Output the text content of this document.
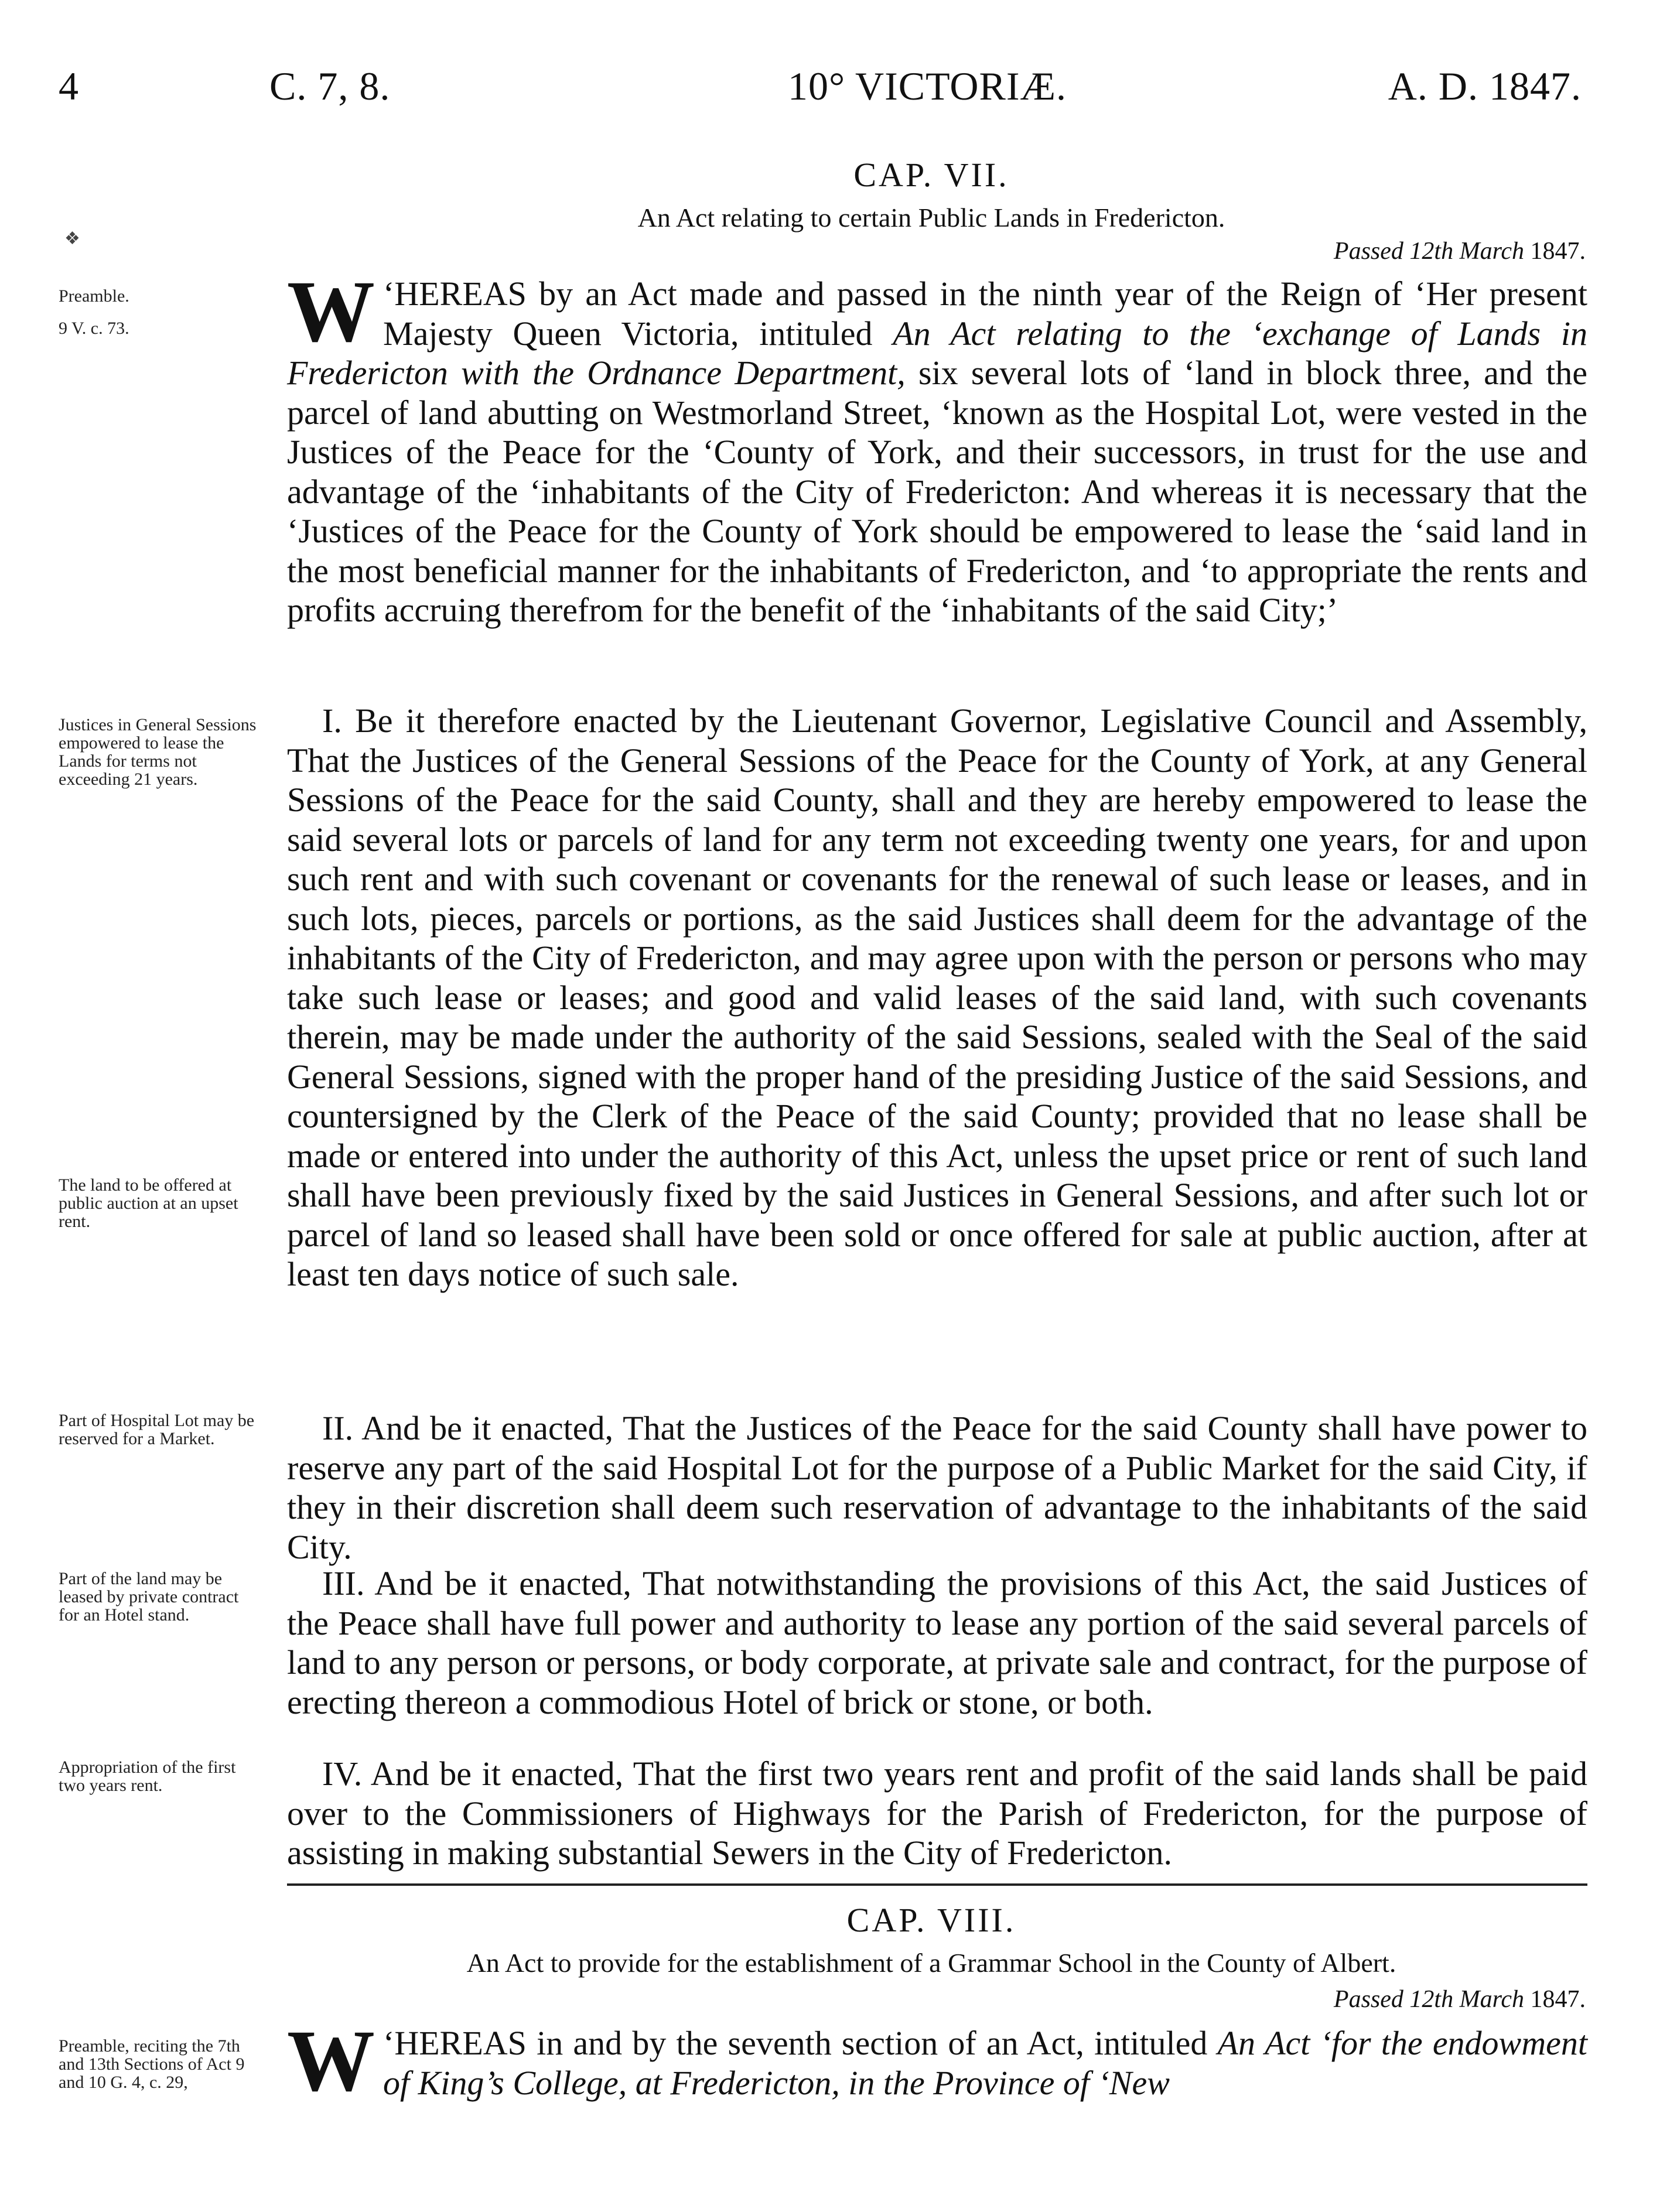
4	C. 7, 8.	10° VICTORIÆ.	A. D. 1847.
❖
CAP. VII.
An Act relating to certain Public Lands in Fredericton.
Passed 12th March 1847.

‘
W HEREAS by an Act made and passed in the ninth year of the Reign of ‘Her present Majesty Queen Victoria, intituled An Act relating to the ‘exchange of Lands in Fredericton with the Ordnance Department, six several lots of ‘land in block three, and the parcel of land abutting on Westmorland Street, ‘known as the Hospital Lot, were vested in the Justices of the Peace for the ‘County of York, and their successors, in trust for the use and advantage of the ‘inhabitants of the City of Fredericton: And whereas it is necessary that the ‘Justices of the Peace for the County of York should be empowered to lease the ‘said land in the most beneficial manner for the inhabitants of Fredericton, and ‘to appropriate the rents and profits accruing therefrom for the benefit of the ‘inhabitants of the said City;’

I. Be it therefore enacted by the Lieutenant Governor, Legislative Council and Assembly, That the Justices of the General Sessions of the Peace for the County of York, at any General Sessions of the Peace for the said County, shall and they are hereby empowered to lease the said several lots or parcels of land for any term not exceeding twenty one years, for and upon such rent and with such covenant or covenants for the renewal of such lease or leases, and in such lots, pieces, parcels or portions, as the said Justices shall deem for the advantage of the inhabitants of the City of Fredericton, and may agree upon with the person or persons who may take such lease or leases; and good and valid leases of the said land, with such covenants therein, may be made under the authority of the said Sessions, sealed with the Seal of the said General Sessions, signed with the proper hand of the presiding Justice of the said Sessions, and countersigned by the Clerk of the Peace of the said County; provided that no lease shall be made or entered into under the authority of this Act, unless the upset price or rent of such land shall have been previously fixed by the said Justices in General Sessions, and after such lot or parcel of land so leased shall have been sold or once offered for sale at public auction, after at least ten days notice of such sale.

II. And be it enacted, That the Justices of the Peace for the said County shall have power to reserve any part of the said Hospital Lot for the purpose of a Public Market for the said City, if they in their discretion shall deem such reservation of advantage to the inhabitants of the said City.

III. And be it enacted, That notwithstanding the provisions of this Act, the said Justices of the Peace shall have full power and authority to lease any portion of the said several parcels of land to any person or persons, or body corporate, at private sale and contract, for the purpose of erecting thereon a commodious Hotel of brick or stone, or both.

IV. And be it enacted, That the first two years rent and profit of the said lands shall be paid over to the Commissioners of Highways for the Parish of Fredericton, for the purpose of assisting in making substantial Sewers in the City of Fredericton.

Preamble.
9 V. c. 73.
Justices in General Sessions empowered to lease the Lands for terms not exceeding 21 years.
The land to be offered at public auction at an upset rent.
Part of Hospital Lot may be reserved for a Market.
Part of the land may be leased by private contract for an Hotel stand.
Appropriation of the first two years rent.
Preamble, reciting the 7th and 13th Sections of Act 9 and 10 G. 4, c. 29,
CAP. VIII.
An Act to provide for the establishment of a Grammar School in the County of Albert.
Passed 12th March 1847.

‘
W HEREAS in and by the seventh section of an Act, intituled An Act ‘for the endowment of King’s College, at Fredericton, in the Province of ‘New
